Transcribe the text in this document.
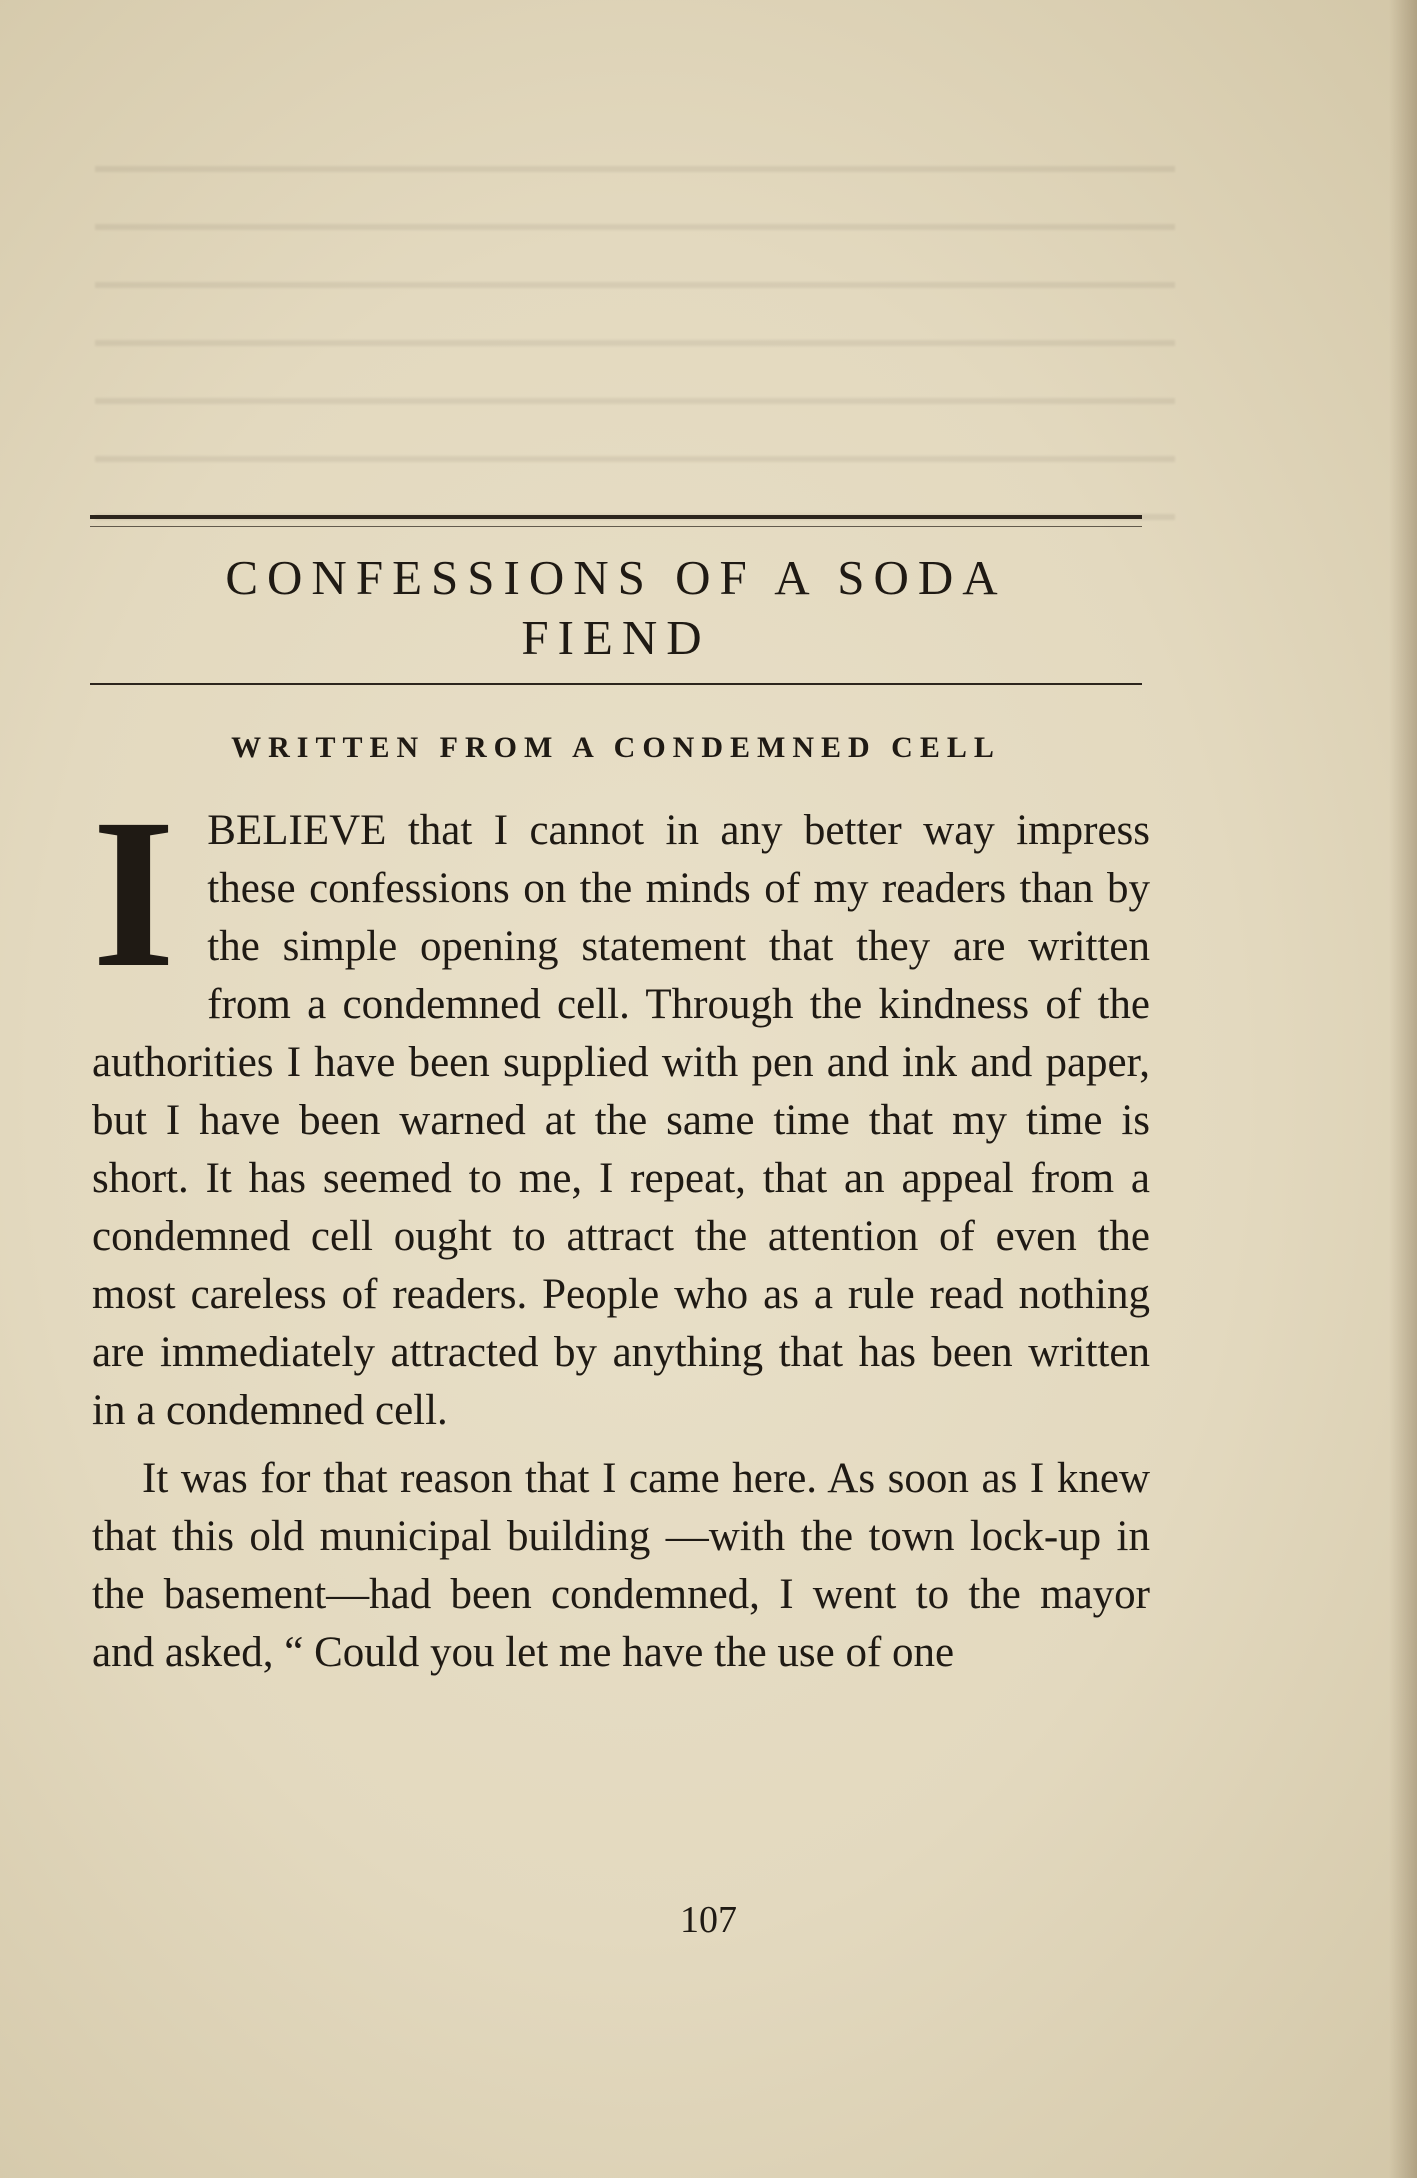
CONFESSIONS OF A SODA
FIEND
WRITTEN FROM A CONDEMNED CELL

IBELIEVE that I cannot in any better way impress these confessions on the minds of my readers than by the simple opening statement that they are written from a condemned cell. Through the kindness of the authorities I have been supplied with pen and ink and paper, but I have been warned at the same time that my time is short. It has seemed to me, I repeat, that an appeal from a condemned cell ought to attract the attention of even the most careless of readers. People who as a rule read nothing are immediately attracted by anything that has been written in a condemned cell.

It was for that reason that I came here. As soon as I knew that this old municipal building —with the town lock-up in the basement—had been condemned, I went to the mayor and asked, “ Could you let me have the use of one

107
